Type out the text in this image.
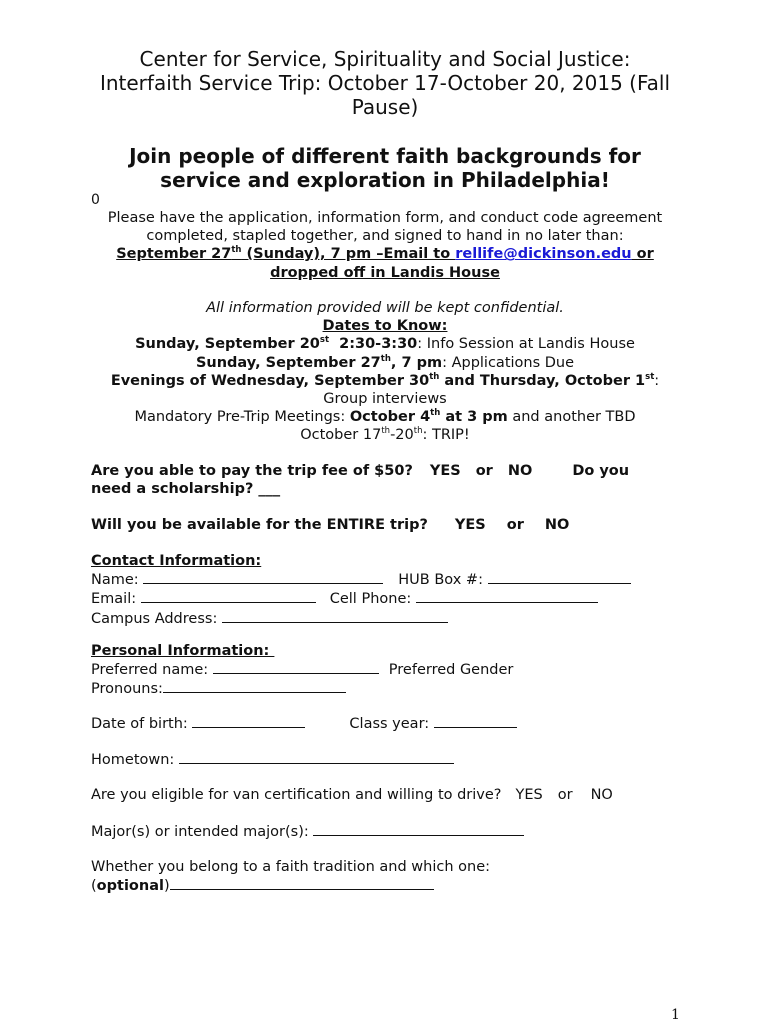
Center for Service, Spirituality and Social Justice:
Interfaith Service Trip: October 17-October 20, 2015 (Fall
Pause)
Join people of different faith backgrounds for
service and exploration in Philadelphia!
0
Please have the application, information form, and conduct code agreement
completed, stapled together, and signed to hand in no later than:
September 27th (Sunday), 7 pm –Email to rellife@dickinson.edu or
dropped off in Landis House
All information provided will be kept confidential.
Dates to Know:
Sunday, September 20st  2:30-3:30: Info Session at Landis House
Sunday, September 27th, 7 pm: Applications Due
Evenings of Wednesday, September 30th and Thursday, October 1st:
Group interviews
Mandatory Pre-Trip Meetings: October 4th at 3 pm and another TBD
October 17th-20th: TRIP!
Are you able to pay the trip fee of $50? YES or NO	Do you
need a scholarship? ___
Will you be available for the ENTIRE trip? YES or NO
Contact Information:
Name:	HUB Box #:
Email:	Cell Phone:
Campus Address:
Personal Information:
Preferred name:	Preferred Gender
Pronouns:
Date of birth:	Class year:
Hometown:
Are you eligible for van certification and willing to drive? YES or NO
Major(s) or intended major(s):
Whether you belong to a faith tradition and which one:
(optional)
1
